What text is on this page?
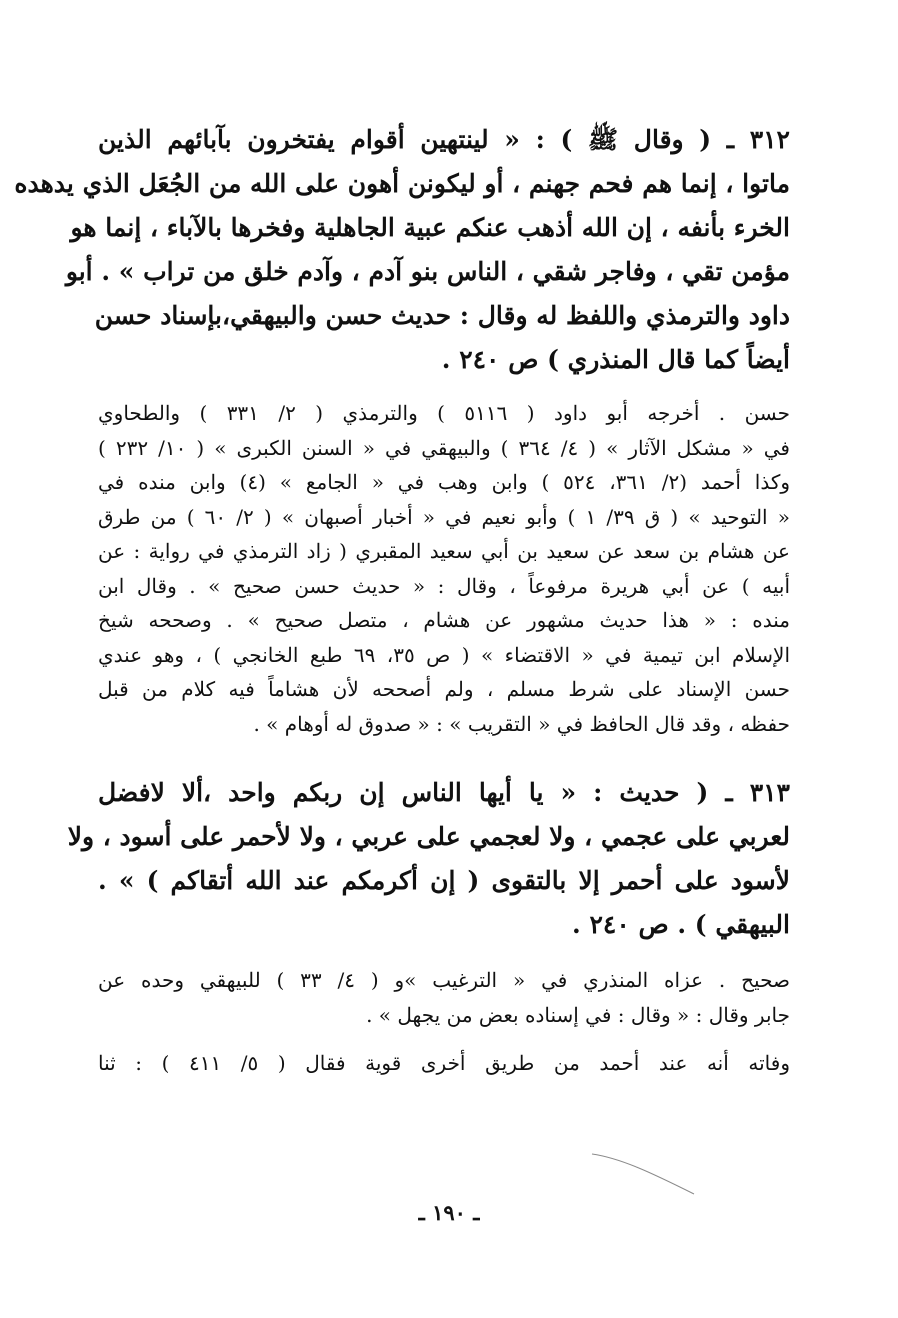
٣١٢ ـ ( وقال ﷺ ) : « لينتهين أقوام يفتخرون بآبائهم الذين
ماتوا ، إنما هم فحم جهنم ، أو ليكونن أهون على الله من الجُعَل الذي يدهده
الخرء بأنفه ، إن الله أذهب عنكم عبية الجاهلية وفخرها بالآباء ، إنما هو
مؤمن تقي ، وفاجر شقي ، الناس بنو آدم ، وآدم خلق من تراب » . أبو
داود والترمذي واللفظ له وقال : حديث حسن والبيهقي،بإسناد حسن
أيضاً كما قال المنذري ) ص ٢٤٠ .

حسن . أخرجه أبو داود ( ٥١١٦ ) والترمذي ( ٢/ ٣٣١ ) والطحاوي
في « مشكل الآثار » ( ٤/ ٣٦٤ ) والبيهقي في « السنن الكبرى » ( ١٠/ ٢٣٢ )
وكذا أحمد (٢/ ٣٦١، ٥٢٤ ) وابن وهب في « الجامع » (٤) وابن منده في
« التوحيد » ( ق ٣٩/ ١ ) وأبو نعيم في « أخبار أصبهان » ( ٢/ ٦٠ ) من طرق
عن هشام بن سعد عن سعيد بن أبي سعيد المقبري ( زاد الترمذي في رواية : عن
أبيه ) عن أبي هريرة مرفوعاً ، وقال : « حديث حسن صحيح » . وقال ابن
منده : « هذا حديث مشهور عن هشام ، متصل صحيح » . وصححه شيخ
الإسلام ابن تيمية في « الاقتضاء » ( ص ٣٥، ٦٩ طبع الخانجي ) ، وهو عندي
حسن الإسناد على شرط مسلم ، ولم أصححه لأن هشاماً فيه كلام من قبل
حفظه ، وقد قال الحافظ في « التقريب » : « صدوق له أوهام » .

٣١٣ ـ ( حديث : « يا أيها الناس إن ربكم واحد ،ألا لافضل
لعربي على عجمي ، ولا لعجمي على عربي ، ولا لأحمر على أسود ، ولا
لأسود على أحمر إلا بالتقوى ( إن أكرمكم عند الله أتقاكم ) » .
البيهقي ) . ص ٢٤٠ .

صحيح . عزاه المنذري في « الترغيب »و ( ٤/ ٣٣ ) للبيهقي وحده عن
جابر وقال : « وقال : في إسناده بعض من يجهل » .

وفاته أنه عند أحمد من طريق أخرى قوية فقال ( ٥/ ٤١١ ) : ثنا

ـ ١٩٠ ـ
